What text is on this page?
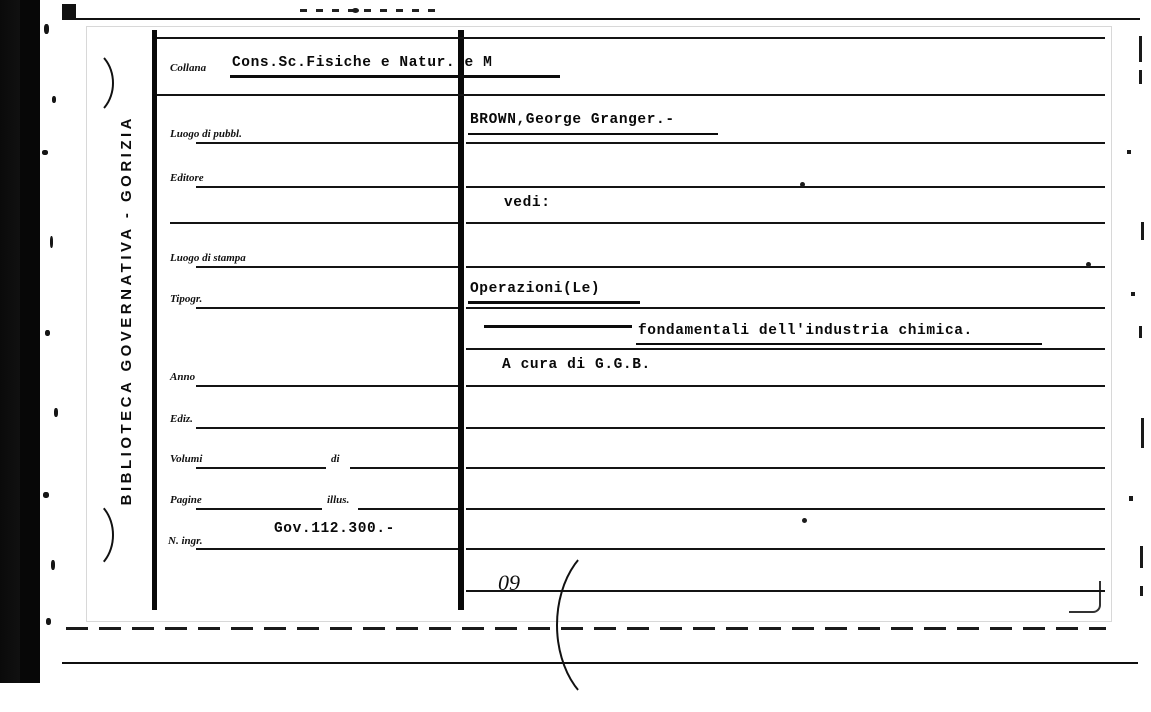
BIBLIOTECA GOVERNATIVA - GORIZIA
Collana
Luogo di pubbl.
Editore
Luogo di stampa
Tipogr.
Anno
Ediz.
Volumi	di
Pagine	illus.
N. ingr.
Cons.Sc.Fisiche e Natur. e M
BROWN,George Granger.-
vedi:
Operazioni(Le)
fondamentali dell'industria chimica.
A cura di G.G.B.
Gov.112.300.-
09
